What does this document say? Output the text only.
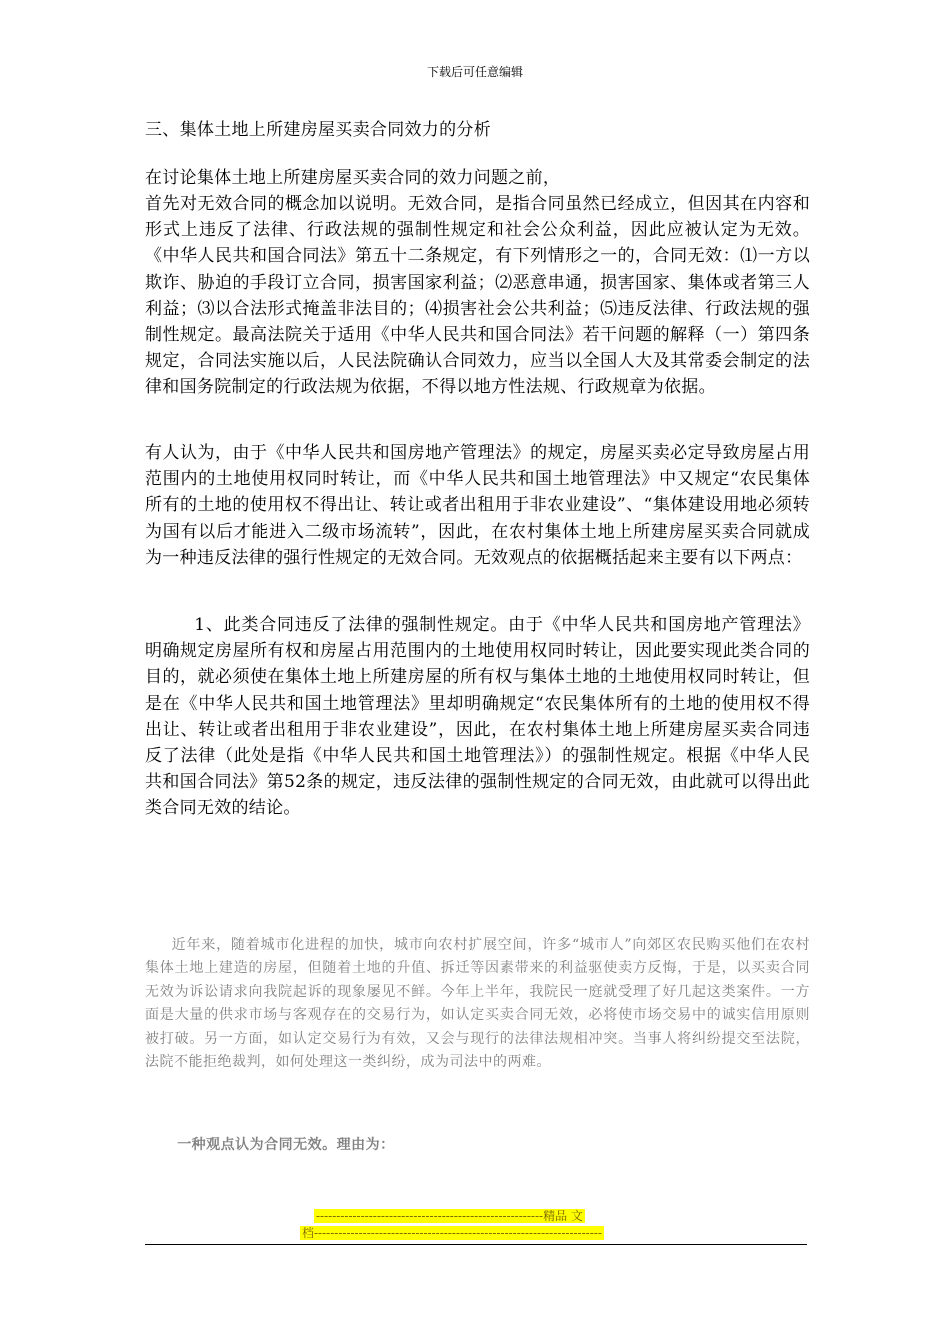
下载后可任意编辑
三、集体土地上所建房屋买卖合同效力的分析
在讨论集体土地上所建房屋买卖合同的效力问题之前，
首先对无效合同的概念加以说明。无效合同，是指合同虽然已经成立，但因其在内容和形式上违反了法律、行政法规的强制性规定和社会公众利益，因此应被认定为无效。《中华人民共和国合同法》第五十二条规定，有下列情形之一的，合同无效：⑴一方以欺诈、胁迫的手段订立合同，损害国家利益；⑵恶意串通，损害国家、集体或者第三人利益；⑶以合法形式掩盖非法目的；⑷损害社会公共利益；⑸违反法律、行政法规的强制性规定。最高法院关于适用《中华人民共和国合同法》若干问题的解释（一）第四条规定，合同法实施以后，人民法院确认合同效力，应当以全国人大及其常委会制定的法律和国务院制定的行政法规为依据，不得以地方性法规、行政规章为依据。
有人认为，由于《中华人民共和国房地产管理法》的规定，房屋买卖必定导致房屋占用范围内的土地使用权同时转让，而《中华人民共和国土地管理法》中又规定“农民集体所有的土地的使用权不得出让、转让或者出租用于非农业建设”、“集体建设用地必须转为国有以后才能进入二级市场流转”，因此，在农村集体土地上所建房屋买卖合同就成为一种违反法律的强行性规定的无效合同。无效观点的依据概括起来主要有以下两点：
1、此类合同违反了法律的强制性规定。由于《中华人民共和国房地产管理法》明确规定房屋所有权和房屋占用范围内的土地使用权同时转让，因此要实现此类合同的目的，就必须使在集体土地上所建房屋的所有权与集体土地的土地使用权同时转让，但是在《中华人民共和国土地管理法》里却明确规定“农民集体所有的土地的使用权不得出让、转让或者出租用于非农业建设”，因此，在农村集体土地上所建房屋买卖合同违反了法律（此处是指《中华人民共和国土地管理法》）的强制性规定。根据《中华人民共和国合同法》第52条的规定，违反法律的强制性规定的合同无效，由此就可以得出此类合同无效的结论。
近年来，随着城市化进程的加快，城市向农村扩展空间，许多“城市人”向郊区农民购买他们在农村集体土地上建造的房屋，但随着土地的升值、拆迁等因素带来的利益驱使卖方反悔，于是，以买卖合同无效为诉讼请求向我院起诉的现象屡见不鲜。今年上半年，我院民一庭就受理了好几起这类案件。一方面是大量的供求市场与客观存在的交易行为，如认定买卖合同无效，必将使市场交易中的诚实信用原则被打破。另一方面，如认定交易行为有效，又会与现行的法律法规相冲突。当事人将纠纷提交至法院，法院不能拒绝裁判，如何处理这一类纠纷，成为司法中的两难。
一种观点认为合同无效。理由为：
--------------------------------------------------------精品 文
档-----------------------------------------------------------------------
